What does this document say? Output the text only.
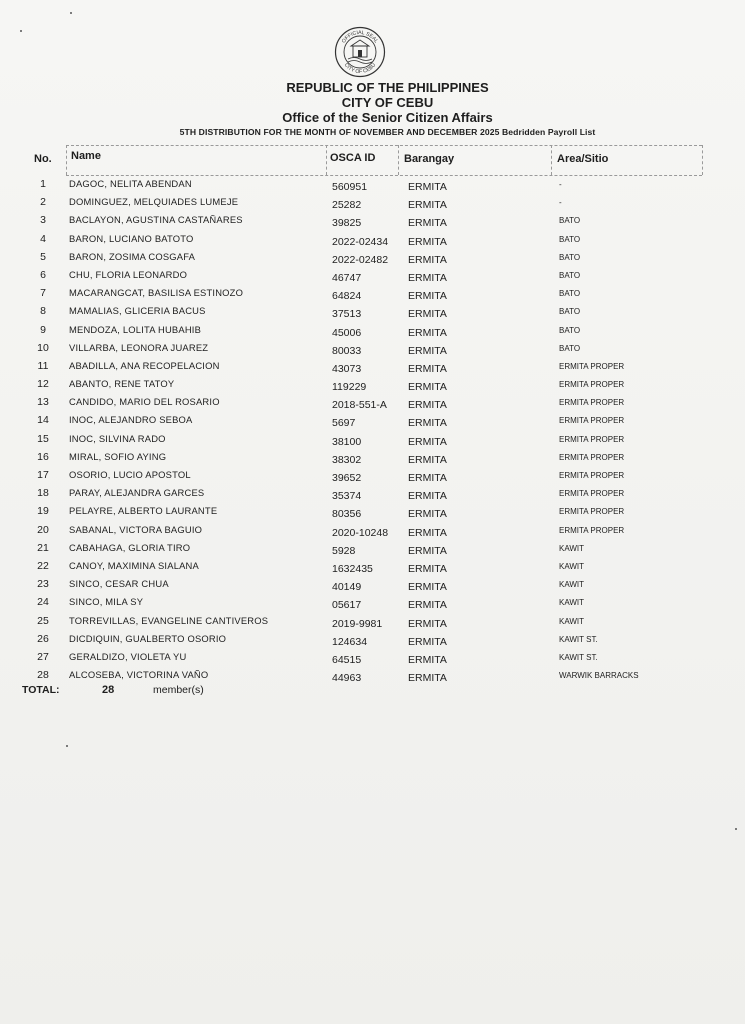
OFFICIAL SEAL
CITY OF CEBU
REPUBLIC OF THE PHILIPPINES
CITY OF CEBU
Office of the Senior Citizen Affairs
5TH DISTRIBUTION FOR THE MONTH OF NOVEMBER AND DECEMBER 2025 Bedridden Payroll List
No. Name	OSCA ID	Barangay	Area/Sitio
1	DAGOC, NELITA ABENDAN	560951	ERMITA	-
2	DOMINGUEZ, MELQUIADES LUMEJE	25282	ERMITA	-
3	BACLAYON, AGUSTINA CASTAÑARES	39825	ERMITA	BATO
4	BARON, LUCIANO BATOTO	2022-02434 ERMITA	BATO
5	BARON, ZOSIMA COSGAFA	2022-02482 ERMITA	BATO
6	CHU, FLORIA LEONARDO	46747	ERMITA	BATO
7	MACARANGCAT, BASILISA ESTINOZO	64824	ERMITA	BATO
8	MAMALIAS, GLICERIA BACUS	37513	ERMITA	BATO
9	MENDOZA, LOLITA HUBAHIB	45006	ERMITA	BATO
10	VILLARBA, LEONORA JUAREZ	80033	ERMITA	BATO
11	ABADILLA, ANA RECOPELACION	43073	ERMITA	ERMITA PROPER
12	ABANTO, RENE TATOY	119229	ERMITA	ERMITA PROPER
13	CANDIDO, MARIO DEL ROSARIO	2018-551-A ERMITA	ERMITA PROPER
14	INOC, ALEJANDRO SEBOA	5697	ERMITA	ERMITA PROPER
15	INOC, SILVINA RADO	38100	ERMITA	ERMITA PROPER
16	MIRAL, SOFIO AYING	38302	ERMITA	ERMITA PROPER
17	OSORIO, LUCIO APOSTOL	39652	ERMITA	ERMITA PROPER
18	PARAY, ALEJANDRA GARCES	35374	ERMITA	ERMITA PROPER
19	PELAYRE, ALBERTO LAURANTE	80356	ERMITA	ERMITA PROPER
20	SABANAL, VICTORA BAGUIO	2020-10248 ERMITA	ERMITA PROPER
21	CABAHAGA, GLORIA TIRO	5928	ERMITA	KAWIT
22	CANOY, MAXIMINA SIALANA	1632435	ERMITA	KAWIT
23	SINCO, CESAR CHUA	40149	ERMITA	KAWIT
24	SINCO, MILA SY	05617	ERMITA	KAWIT
25	TORREVILLAS, EVANGELINE CANTIVEROS	2019-9981 ERMITA	KAWIT
26	DICDIQUIN, GUALBERTO OSORIO	124634	ERMITA	KAWIT ST.
27	GERALDIZO, VIOLETA YU	64515	ERMITA	KAWIT ST.
28	ALCOSEBA, VICTORINA VAÑO	44963	ERMITA	WARWIK BARRACKS
TOTAL:	28	member(s)
